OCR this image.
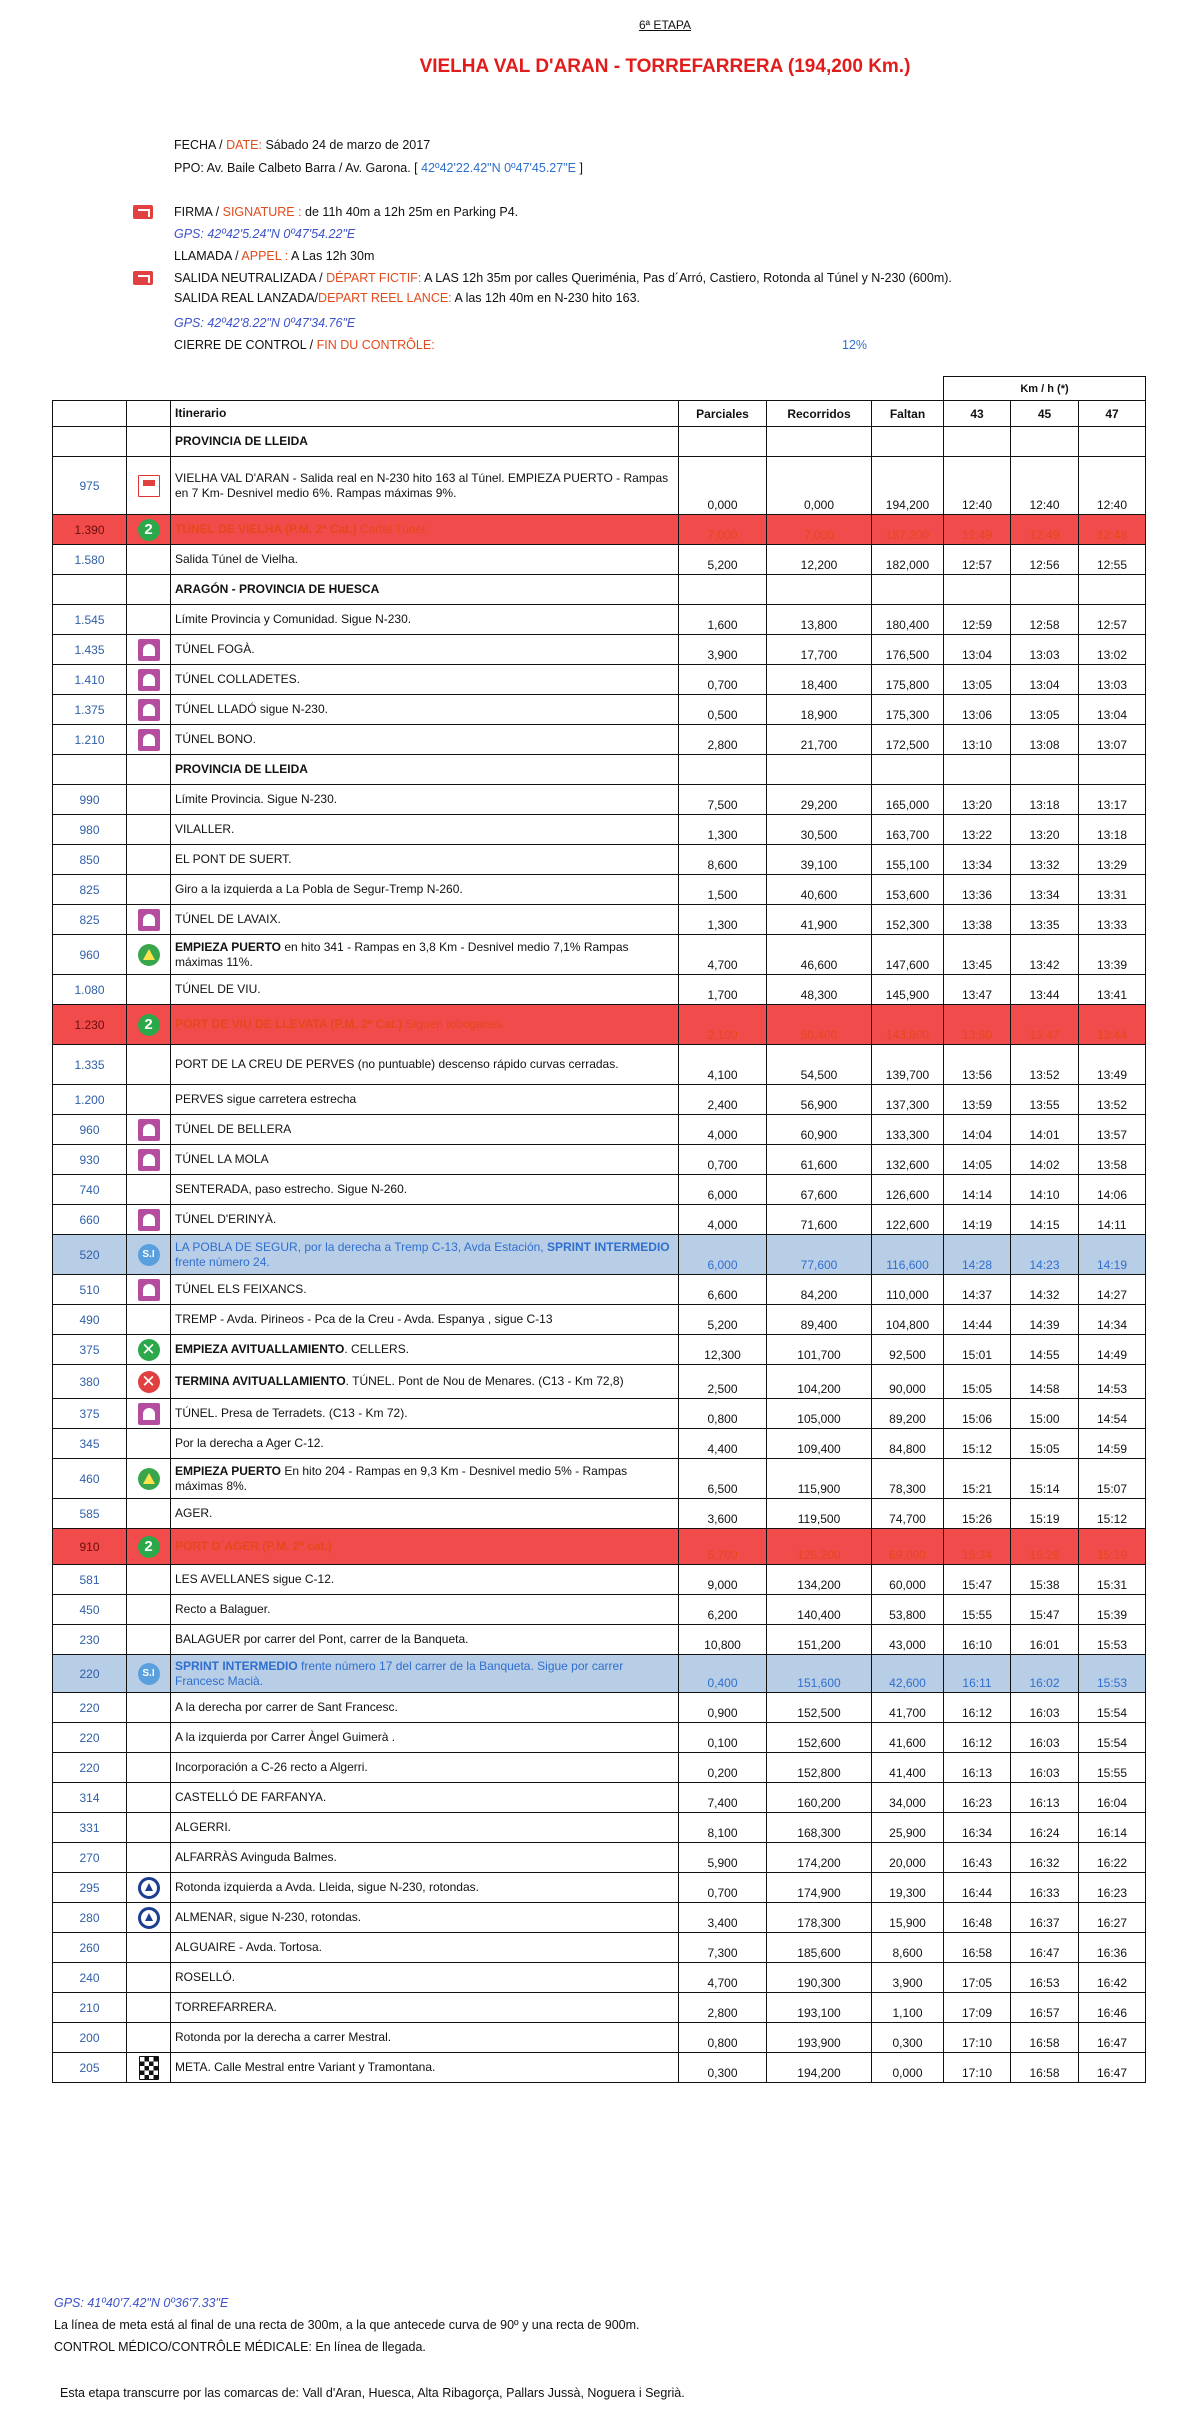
6ª ETAPA
VIELHA VAL D'ARAN - TORREFARRERA (194,200 Km.)
FECHA / DATE: Sábado 24 de marzo de 2017
PPO: Av. Baile Calbeto Barra / Av. Garona. [ 42º42'22.42"N 0º47'45.27"E ]
FIRMA / SIGNATURE : de 11h 40m a 12h 25m en Parking P4.
GPS: 42º42'5.24"N 0º47'54.22"E
LLAMADA / APPEL : A Las 12h 30m
SALIDA NEUTRALIZADA / DÉPART FICTIF: A LAS 12h 35m por calles Queriménia, Pas d´Arró, Castiero, Rotonda al Túnel y N-230 (600m).
SALIDA REAL LANZADA/DEPART REEL LANCE: A las 12h 40m en N-230 hito 163.
GPS: 42º42'8.22"N 0º47'34.76"E
CIERRE DE CONTROL / FIN DU CONTRÔLE:	12%
						Km / h (*)		
		Itinerario	Parciales	Recorridos	Faltan	43	45	47
		PROVINCIA DE LLEIDA						
975		VIELHA VAL D'ARAN - Salida real en N-230 hito 163 al Túnel. EMPIEZA PUERTO - Rampas en 7 Km- Desnivel medio 6%. Rampas máximas 9%.	0,000	0,000	194,200	12:40	12:40	12:40
1.390	2	TÚNEL DE VIELHA (P.M. 2ª Cat.) Cartel Túnel.	7,000	7,000	187,200	12:49	12:49	12:48
1.580		Salida Túnel de Vielha.	5,200	12,200	182,000	12:57	12:56	12:55
		ARAGÓN - PROVINCIA DE HUESCA						
1.545		Límite Provincia y Comunidad. Sigue N-230.	1,600	13,800	180,400	12:59	12:58	12:57
1.435		TÚNEL FOGÀ.	3,900	17,700	176,500	13:04	13:03	13:02
1.410		TÚNEL COLLADETES.	0,700	18,400	175,800	13:05	13:04	13:03
1.375		TÚNEL LLADÓ sigue N-230.	0,500	18,900	175,300	13:06	13:05	13:04
1.210		TÚNEL BONO.	2,800	21,700	172,500	13:10	13:08	13:07
		PROVINCIA DE LLEIDA						
990		Límite Provincia. Sigue N-230.	7,500	29,200	165,000	13:20	13:18	13:17
980		VILALLER.	1,300	30,500	163,700	13:22	13:20	13:18
850		EL PONT DE SUERT.	8,600	39,100	155,100	13:34	13:32	13:29
825		Giro a la izquierda a La Pobla de Segur-Tremp N-260.	1,500	40,600	153,600	13:36	13:34	13:31
825		TÚNEL DE LAVAIX.	1,300	41,900	152,300	13:38	13:35	13:33
960		EMPIEZA PUERTO en hito 341 - Rampas en 3,8 Km - Desnivel medio 7,1% Rampas máximas 11%.	4,700	46,600	147,600	13:45	13:42	13:39
1.080		TÚNEL DE VIU.	1,700	48,300	145,900	13:47	13:44	13:41
1.230	2	PORT DE VIU DE LLEVATA (P.M. 2ª Cat.) Siguen toboganes.	2,100	50,400	143,800	13:50	13:47	13:44
1.335		PORT DE LA CREU DE PERVES (no puntuable) descenso rápido curvas cerradas.	4,100	54,500	139,700	13:56	13:52	13:49
1.200		PERVES sigue carretera estrecha	2,400	56,900	137,300	13:59	13:55	13:52
960		TÚNEL DE BELLERA	4,000	60,900	133,300	14:04	14:01	13:57
930		TÚNEL LA MOLA	0,700	61,600	132,600	14:05	14:02	13:58
740		SENTERADA, paso estrecho. Sigue N-260.	6,000	67,600	126,600	14:14	14:10	14:06
660		TÚNEL D'ERINYÀ.	4,000	71,600	122,600	14:19	14:15	14:11
520	S.I	LA POBLA DE SEGUR, por la derecha a Tremp C-13, Avda Estación, SPRINT INTERMEDIO frente número 24.	6,000	77,600	116,600	14:28	14:23	14:19
510		TÚNEL ELS FEIXANCS.	6,600	84,200	110,000	14:37	14:32	14:27
490		TREMP - Avda. Pirineos - Pca de la Creu - Avda. Espanya , sigue C-13	5,200	89,400	104,800	14:44	14:39	14:34
375	✕	EMPIEZA AVITUALLAMIENTO. CELLERS.	12,300	101,700	92,500	15:01	14:55	14:49
380	✕	TERMINA AVITUALLAMIENTO. TÚNEL. Pont de Nou de Menares. (C13 - Km 72,8)	2,500	104,200	90,000	15:05	14:58	14:53
375		TÚNEL. Presa de Terradets. (C13 - Km 72).	0,800	105,000	89,200	15:06	15:00	14:54
345		Por la derecha a Ager C-12.	4,400	109,400	84,800	15:12	15:05	14:59
460		EMPIEZA PUERTO En hito 204 - Rampas en 9,3 Km - Desnivel medio 5% - Rampas máximas 8%.	6,500	115,900	78,300	15:21	15:14	15:07
585		AGER.	3,600	119,500	74,700	15:26	15:19	15:12
910	2	PORT D´AGER (P.M. 2ª cat.)	5,700	125,200	69,000	15:34	15:26	15:19
581		LES AVELLANES sigue C-12.	9,000	134,200	60,000	15:47	15:38	15:31
450		Recto a Balaguer.	6,200	140,400	53,800	15:55	15:47	15:39
230		BALAGUER por carrer del Pont, carrer de la Banqueta.	10,800	151,200	43,000	16:10	16:01	15:53
220	S.I	SPRINT INTERMEDIO frente número 17 del carrer de la Banqueta. Sigue por carrer Francesc Macià.	0,400	151,600	42,600	16:11	16:02	15:53
220		A la derecha por carrer de Sant Francesc.	0,900	152,500	41,700	16:12	16:03	15:54
220		A la izquierda por Carrer Àngel Guimerà .	0,100	152,600	41,600	16:12	16:03	15:54
220		Incorporación a C-26 recto a Algerri.	0,200	152,800	41,400	16:13	16:03	15:55
314		CASTELLÓ DE FARFANYA.	7,400	160,200	34,000	16:23	16:13	16:04
331		ALGERRI.	8,100	168,300	25,900	16:34	16:24	16:14
270		ALFARRÀS Avinguda Balmes.	5,900	174,200	20,000	16:43	16:32	16:22
295		Rotonda izquierda a Avda. Lleida, sigue N-230, rotondas.	0,700	174,900	19,300	16:44	16:33	16:23
280		ALMENAR, sigue N-230, rotondas.	3,400	178,300	15,900	16:48	16:37	16:27
260		ALGUAIRE - Avda. Tortosa.	7,300	185,600	8,600	16:58	16:47	16:36
240		ROSELLÓ.	4,700	190,300	3,900	17:05	16:53	16:42
210		TORREFARRERA.	2,800	193,100	1,100	17:09	16:57	16:46
200		Rotonda por la derecha a carrer Mestral.	0,800	193,900	0,300	17:10	16:58	16:47
205		META. Calle Mestral entre Variant y Tramontana.	0,300	194,200	0,000	17:10	16:58	16:47
GPS: 41º40'7.42"N 0º36'7.33"E
La línea de meta está al final de una recta de 300m, a la que antecede curva de 90º y una recta de 900m.
CONTROL MÉDICO/CONTRÔLE MÉDICALE: En línea de llegada.
Esta etapa transcurre por las comarcas de: Vall d'Aran, Huesca, Alta Ribagorça, Pallars Jussà, Noguera i Segrià.
